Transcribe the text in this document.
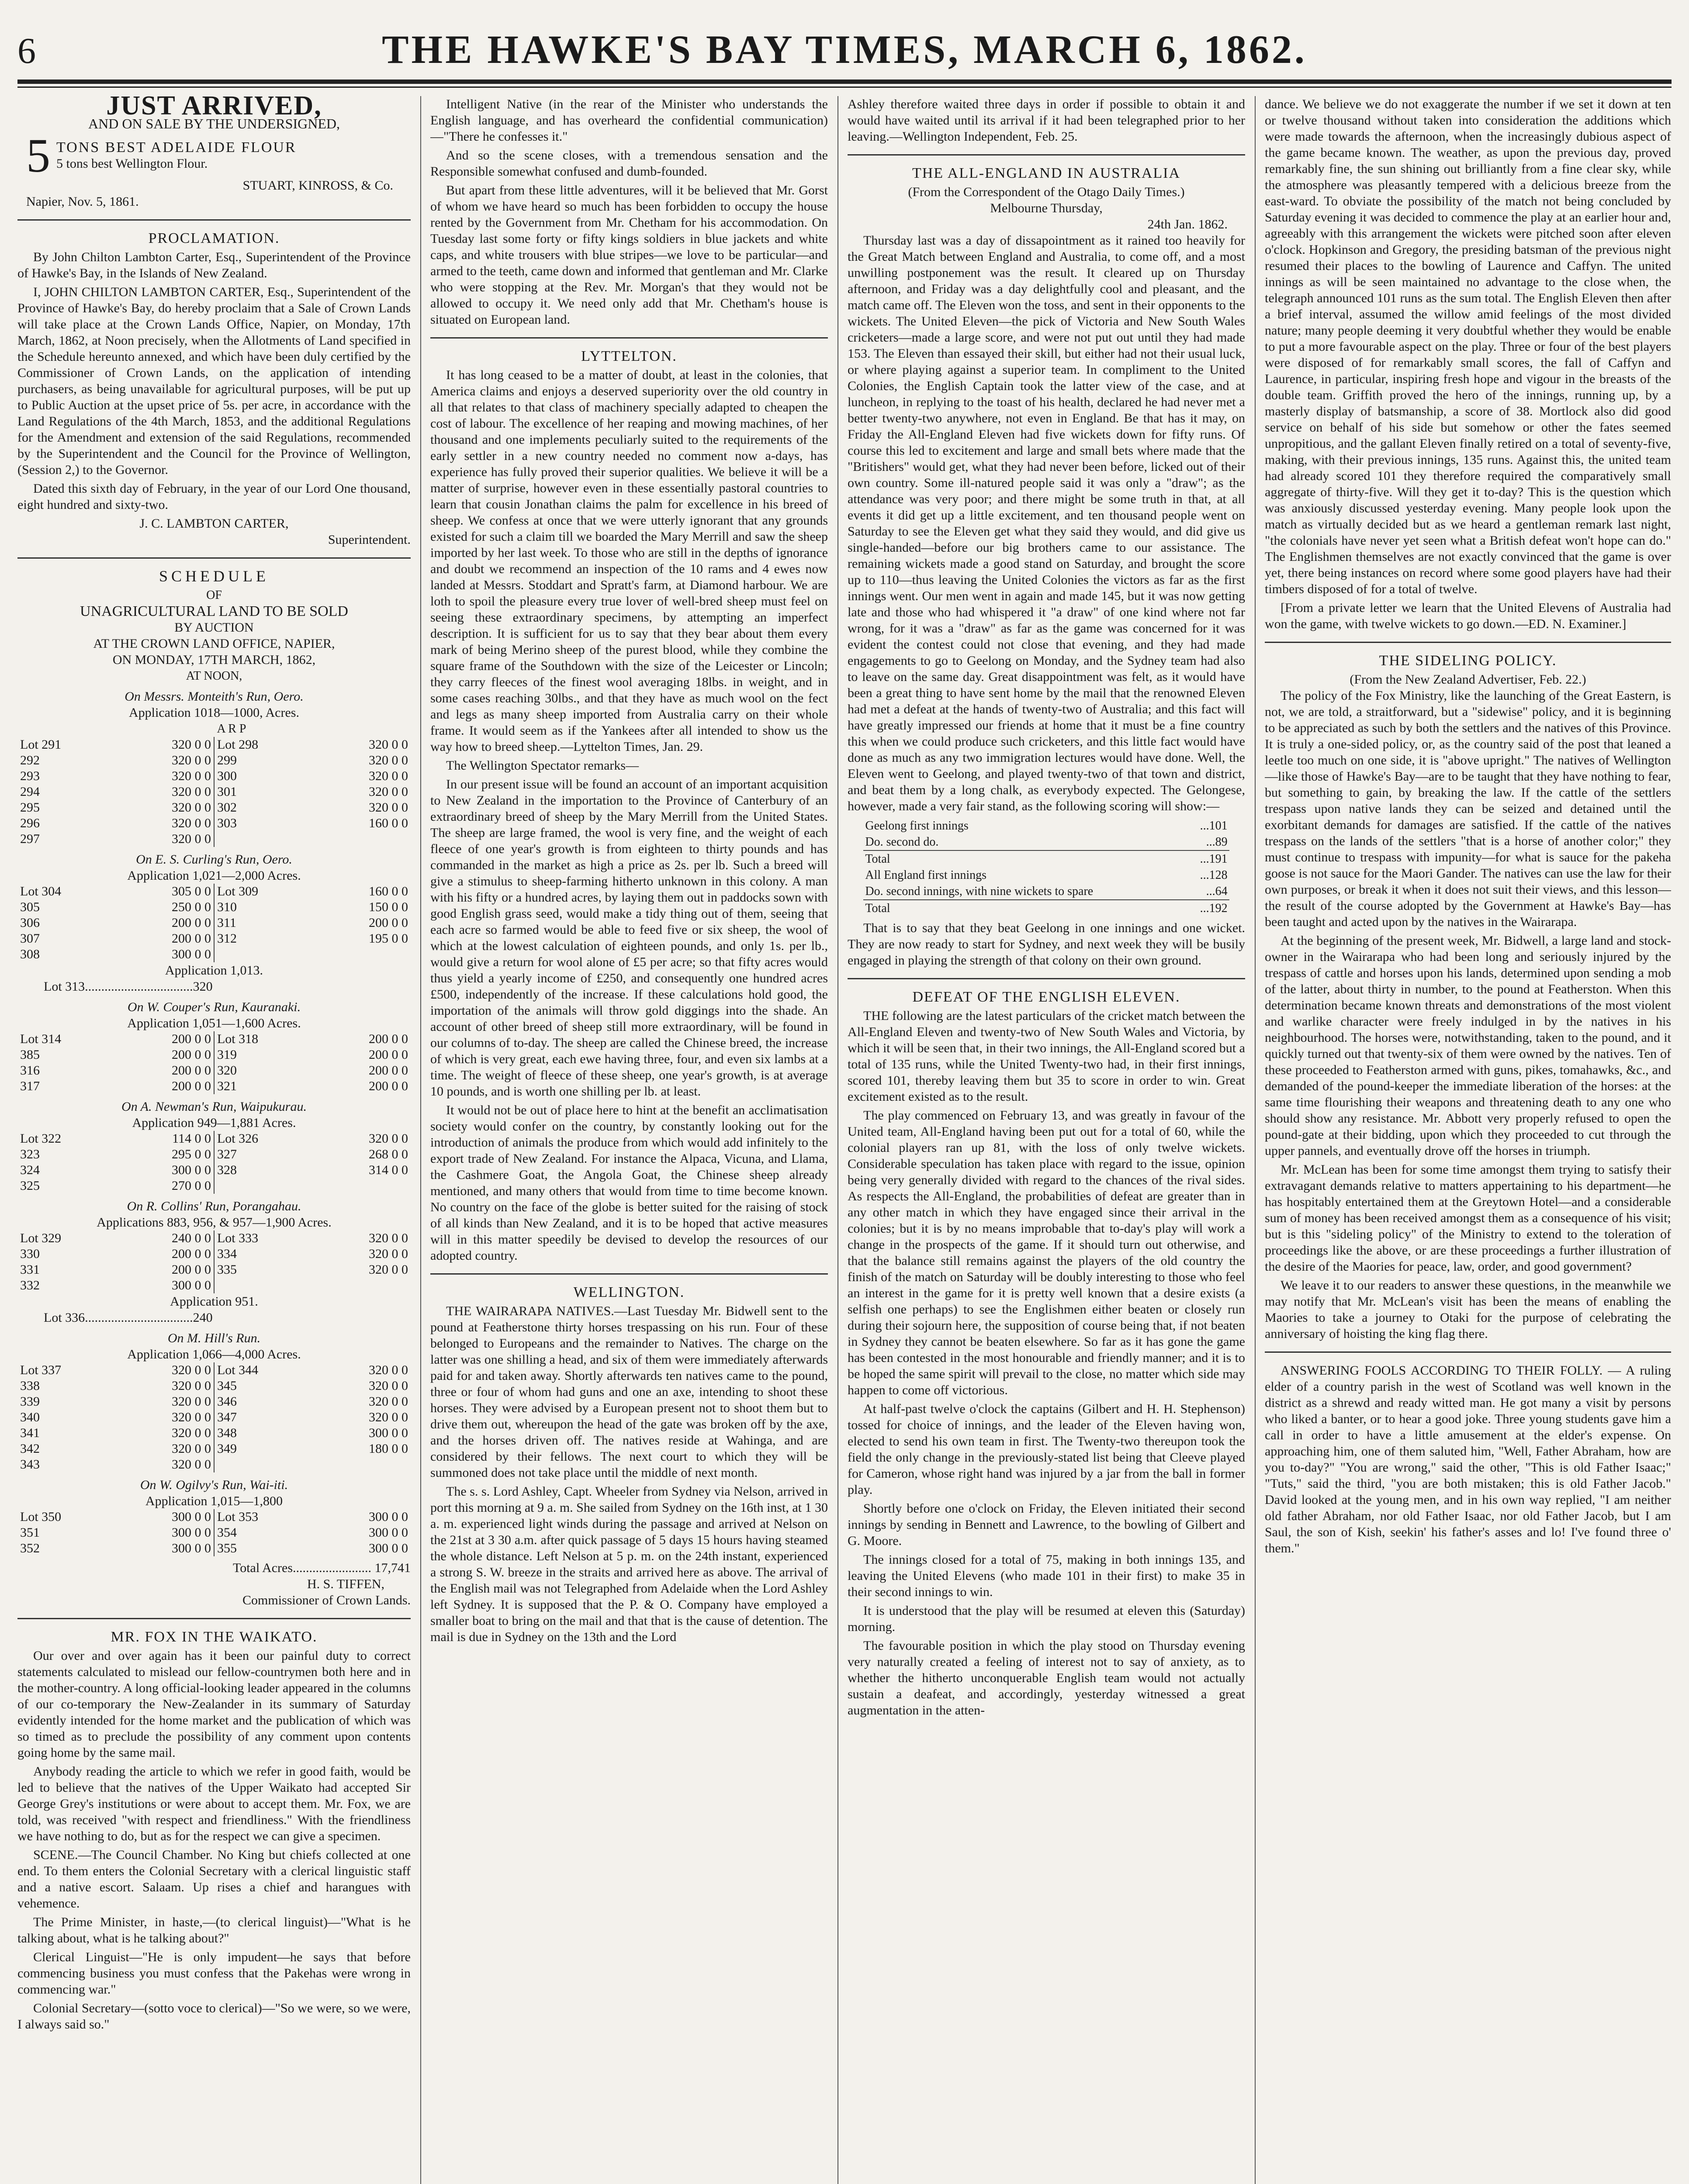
6	THE HAWKE'S BAY TIMES, MARCH 6, 1862.
JUST ARRIVED,
AND ON SALE BY THE UNDERSIGNED,
5 TONS BEST ADELAIDE FLOUR
5 tons best Wellington Flour.
STUART, KINROSS, & Co.
Napier, Nov. 5, 1861.
PROCLAMATION.

By John Chilton Lambton Carter, Esq., Superintendent of the Province of Hawke's Bay, in the Islands of New Zealand.

I, JOHN CHILTON LAMBTON CARTER, Esq., Superintendent of the Province of Hawke's Bay, do hereby proclaim that a Sale of Crown Lands will take place at the Crown Lands Office, Napier, on Monday, 17th March, 1862, at Noon precisely, when the Allotments of Land specified in the Schedule hereunto annexed, and which have been duly certified by the Commissioner of Crown Lands, on the application of intending purchasers, as being unavailable for agricultural purposes, will be put up to Public Auction at the upset price of 5s. per acre, in accordance with the Land Regulations of the 4th March, 1853, and the additional Regulations for the Amendment and extension of the said Regulations, recommended by the Superintendent and the Council for the Province of Wellington, (Session 2,) to the Governor.

Dated this sixth day of February, in the year of our Lord One thousand, eight hundred and sixty-two.

J. C. LAMBTON CARTER,
Superintendent.
SCHEDULE
OF
UNAGRICULTURAL LAND TO BE SOLD
BY AUCTION
AT THE CROWN LAND OFFICE, NAPIER,
ON MONDAY, 17TH MARCH, 1862,
AT NOON,
On Messrs. Monteith's Run, Oero.
Application 1018—1000, Acres.
A R P
Lot 291	320 0 0	Lot 298	320 0 0
292	320 0 0	299	320 0 0
293	320 0 0	300	320 0 0
294	320 0 0	301	320 0 0
295	320 0 0	302	320 0 0
296	320 0 0	303	160 0 0
297	320 0 0		
On E. S. Curling's Run, Oero.
Application 1,021—2,000 Acres.
Lot 304	305 0 0	Lot 309	160 0 0
305	250 0 0	310	150 0 0
306	200 0 0	311	200 0 0
307	200 0 0	312	195 0 0
308	300 0 0		
Application 1,013.
Lot 313.................................320
On W. Couper's Run, Kauranaki.
Application 1,051—1,600 Acres.
Lot 314	200 0 0	Lot 318	200 0 0
385	200 0 0	319	200 0 0
316	200 0 0	320	200 0 0
317	200 0 0	321	200 0 0
On A. Newman's Run, Waipukurau.
Application 949—1,881 Acres.
Lot 322	114 0 0	Lot 326	320 0 0
323	295 0 0	327	268 0 0
324	300 0 0	328	314 0 0
325	270 0 0		
On R. Collins' Run, Porangahau.
Applications 883, 956, & 957—1,900 Acres.
Lot 329	240 0 0	Lot 333	320 0 0
330	200 0 0	334	320 0 0
331	200 0 0	335	320 0 0
332	300 0 0		
Application 951.
Lot 336.................................240
On M. Hill's Run.
Application 1,066—4,000 Acres.
Lot 337	320 0 0	Lot 344	320 0 0
338	320 0 0	345	320 0 0
339	320 0 0	346	320 0 0
340	320 0 0	347	320 0 0
341	320 0 0	348	300 0 0
342	320 0 0	349	180 0 0
343	320 0 0		
On W. Ogilvy's Run, Wai-iti.
Application 1,015—1,800
Lot 350	300 0 0	Lot 353	300 0 0
351	300 0 0	354	300 0 0
352	300 0 0	355	300 0 0
Total Acres........................ 17,741
H. S. TIFFEN,
Commissioner of Crown Lands.
MR. FOX IN THE WAIKATO.

Our over and over again has it been our painful duty to correct statements calculated to mislead our fellow-countrymen both here and in the mother-country. A long official-looking leader appeared in the columns of our co-temporary the New-Zealander in its summary of Saturday evidently intended for the home market and the publication of which was so timed as to preclude the possibility of any comment upon contents going home by the same mail.

Anybody reading the article to which we refer in good faith, would be led to believe that the natives of the Upper Waikato had accepted Sir George Grey's institutions or were about to accept them. Mr. Fox, we are told, was received "with respect and friendliness." With the friendliness we have nothing to do, but as for the respect we can give a specimen.

SCENE.—The Council Chamber. No King but chiefs collected at one end. To them enters the Colonial Secretary with a clerical linguistic staff and a native escort. Salaam. Up rises a chief and harangues with vehemence.

The Prime Minister, in haste,—(to clerical linguist)—"What is he talking about, what is he talking about?"

Clerical Linguist—"He is only impudent—he says that before commencing business you must confess that the Pakehas were wrong in commencing war."

Colonial Secretary—(sotto voce to clerical)—"So we were, so we were, I always said so."

Intelligent Native (in the rear of the Minister who understands the English language, and has overheard the confidential communication)—"There he confesses it."

And so the scene closes, with a tremendous sensation and the Responsible somewhat confused and dumb-founded.

But apart from these little adventures, will it be believed that Mr. Gorst of whom we have heard so much has been forbidden to occupy the house rented by the Government from Mr. Chetham for his accommodation. On Tuesday last some forty or fifty kings soldiers in blue jackets and white caps, and white trousers with blue stripes—we love to be particular—and armed to the teeth, came down and informed that gentleman and Mr. Clarke who were stopping at the Rev. Mr. Morgan's that they would not be allowed to occupy it. We need only add that Mr. Chetham's house is situated on European land.

LYTTELTON.

It has long ceased to be a matter of doubt, at least in the colonies, that America claims and enjoys a deserved superiority over the old country in all that relates to that class of machinery specially adapted to cheapen the cost of labour. The excellence of her reaping and mowing machines, of her thousand and one implements peculiarly suited to the requirements of the early settler in a new country needed no comment now a-days, has experience has fully proved their superior qualities. We believe it will be a matter of surprise, however even in these essentially pastoral countries to learn that cousin Jonathan claims the palm for excellence in his breed of sheep. We confess at once that we were utterly ignorant that any grounds existed for such a claim till we boarded the Mary Merrill and saw the sheep imported by her last week. To those who are still in the depths of ignorance and doubt we recommend an inspection of the 10 rams and 4 ewes now landed at Messrs. Stoddart and Spratt's farm, at Diamond harbour. We are loth to spoil the pleasure every true lover of well-bred sheep must feel on seeing these extraordinary specimens, by attempting an imperfect description. It is sufficient for us to say that they bear about them every mark of being Merino sheep of the purest blood, while they combine the square frame of the Southdown with the size of the Leicester or Lincoln; they carry fleeces of the finest wool averaging 18lbs. in weight, and in some cases reaching 30lbs., and that they have as much wool on the fect and legs as many sheep imported from Australia carry on their whole frame. It would seem as if the Yankees after all intended to show us the way how to breed sheep.—Lyttelton Times, Jan. 29.

The Wellington Spectator remarks—

In our present issue will be found an account of an important acquisition to New Zealand in the importation to the Province of Canterbury of an extraordinary breed of sheep by the Mary Merrill from the United States. The sheep are large framed, the wool is very fine, and the weight of each fleece of one year's growth is from eighteen to thirty pounds and has commanded in the market as high a price as 2s. per lb. Such a breed will give a stimulus to sheep-farming hitherto unknown in this colony. A man with his fifty or a hundred acres, by laying them out in paddocks sown with good English grass seed, would make a tidy thing out of them, seeing that each acre so farmed would be able to feed five or six sheep, the wool of which at the lowest calculation of eighteen pounds, and only 1s. per lb., would give a return for wool alone of £5 per acre; so that fifty acres would thus yield a yearly income of £250, and consequently one hundred acres £500, independently of the increase. If these calculations hold good, the importation of the animals will throw gold diggings into the shade. An account of other breed of sheep still more extraordinary, will be found in our columns of to-day. The sheep are called the Chinese breed, the increase of which is very great, each ewe having three, four, and even six lambs at a time. The weight of fleece of these sheep, one year's growth, is at average 10 pounds, and is worth one shilling per lb. at least.

It would not be out of place here to hint at the benefit an acclimatisation society would confer on the country, by constantly looking out for the introduction of animals the produce from which would add infinitely to the export trade of New Zealand. For instance the Alpaca, Vicuna, and Llama, the Cashmere Goat, the Angola Goat, the Chinese sheep already mentioned, and many others that would from time to time become known. No country on the face of the globe is better suited for the raising of stock of all kinds than New Zealand, and it is to be hoped that active measures will in this matter speedily be devised to develop the resources of our adopted country.

WELLINGTON.

THE WAIRARAPA NATIVES.—Last Tuesday Mr. Bidwell sent to the pound at Featherstone thirty horses trespassing on his run. Four of these belonged to Europeans and the remainder to Natives. The charge on the latter was one shilling a head, and six of them were immediately afterwards paid for and taken away. Shortly afterwards ten natives came to the pound, three or four of whom had guns and one an axe, intending to shoot these horses. They were advised by a European present not to shoot them but to drive them out, whereupon the head of the gate was broken off by the axe, and the horses driven off. The natives reside at Wahinga, and are considered by their fellows. The next court to which they will be summoned does not take place until the middle of next month.

The s. s. Lord Ashley, Capt. Wheeler from Sydney via Nelson, arrived in port this morning at 9 a. m. She sailed from Sydney on the 16th inst, at 1 30 a. m. experienced light winds during the passage and arrived at Nelson on the 21st at 3 30 a.m. after quick passage of 5 days 15 hours having steamed the whole distance. Left Nelson at 5 p. m. on the 24th instant, experienced a strong S. W. breeze in the straits and arrived here as above. The arrival of the English mail was not Telegraphed from Adelaide when the Lord Ashley left Sydney. It is supposed that the P. & O. Company have employed a smaller boat to bring on the mail and that that is the cause of detention. The mail is due in Sydney on the 13th and the Lord

Ashley therefore waited three days in order if possible to obtain it and would have waited until its arrival if it had been telegraphed prior to her leaving.—Wellington Independent, Feb. 25.

THE ALL-ENGLAND IN AUSTRALIA
(From the Correspondent of the Otago Daily Times.)
Melbourne Thursday,
24th Jan. 1862.

Thursday last was a day of dissapointment as it rained too heavily for the Great Match between England and Australia, to come off, and a most unwilling postponement was the result. It cleared up on Thursday afternoon, and Friday was a day delightfully cool and pleasant, and the match came off. The Eleven won the toss, and sent in their opponents to the wickets. The United Eleven—the pick of Victoria and New South Wales cricketers—made a large score, and were not put out until they had made 153. The Eleven than essayed their skill, but either had not their usual luck, or where playing against a superior team. In compliment to the United Colonies, the English Captain took the latter view of the case, and at luncheon, in replying to the toast of his health, declared he had never met a better twenty-two anywhere, not even in England. Be that has it may, on Friday the All-England Eleven had five wickets down for fifty runs. Of course this led to excitement and large and small bets where made that the "Britishers" would get, what they had never been before, licked out of their own country. Some ill-natured people said it was only a "draw"; as the attendance was very poor; and there might be some truth in that, at all events it did get up a little excitement, and ten thousand people went on Saturday to see the Eleven get what they said they would, and did give us single-handed—before our big brothers came to our assistance. The remaining wickets made a good stand on Saturday, and brought the score up to 110—thus leaving the United Colonies the victors as far as the first innings went. Our men went in again and made 145, but it was now getting late and those who had whispered it "a draw" of one kind where not far wrong, for it was a "draw" as far as the game was concerned for it was evident the contest could not close that evening, and they had made engagements to go to Geelong on Monday, and the Sydney team had also to leave on the same day. Great disappointment was felt, as it would have been a great thing to have sent home by the mail that the renowned Eleven had met a defeat at the hands of twenty-two of Australia; and this fact will have greatly impressed our friends at home that it must be a fine country this when we could produce such cricketers, and this little fact would have done as much as any two immigration lectures would have done. Well, the Eleven went to Geelong, and played twenty-two of that town and district, and beat them by a long chalk, as everybody expected. The Gelongese, however, made a very fair stand, as the following scoring will show:—

Geelong first innings	...101
Do. second do.	...89
Total	...191
All England first innings	...128
Do. second innings, with nine wickets to spare	...64
Total	...192

That is to say that they beat Geelong in one innings and one wicket. They are now ready to start for Sydney, and next week they will be busily engaged in playing the strength of that colony on their own ground.

DEFEAT OF THE ENGLISH ELEVEN.

THE following are the latest particulars of the cricket match between the All-England Eleven and twenty-two of New South Wales and Victoria, by which it will be seen that, in their two innings, the All-England scored but a total of 135 runs, while the United Twenty-two had, in their first innings, scored 101, thereby leaving them but 35 to score in order to win. Great excitement existed as to the result.

The play commenced on February 13, and was greatly in favour of the United team, All-England having been put out for a total of 60, while the colonial players ran up 81, with the loss of only twelve wickets. Considerable speculation has taken place with regard to the issue, opinion being very generally divided with regard to the chances of the rival sides. As respects the All-England, the probabilities of defeat are greater than in any other match in which they have engaged since their arrival in the colonies; but it is by no means improbable that to-day's play will work a change in the prospects of the game. If it should turn out otherwise, and that the balance still remains against the players of the old country the finish of the match on Saturday will be doubly interesting to those who feel an interest in the game for it is pretty well known that a desire exists (a selfish one perhaps) to see the Englishmen either beaten or closely run during their sojourn here, the supposition of course being that, if not beaten in Sydney they cannot be beaten elsewhere. So far as it has gone the game has been contested in the most honourable and friendly manner; and it is to be hoped the same spirit will prevail to the close, no matter which side may happen to come off victorious.

At half-past twelve o'clock the captains (Gilbert and H. H. Stephenson) tossed for choice of innings, and the leader of the Eleven having won, elected to send his own team in first. The Twenty-two thereupon took the field the only change in the previously-stated list being that Cleeve played for Cameron, whose right hand was injured by a jar from the ball in former play.

Shortly before one o'clock on Friday, the Eleven initiated their second innings by sending in Bennett and Lawrence, to the bowling of Gilbert and G. Moore.

The innings closed for a total of 75, making in both innings 135, and leaving the United Elevens (who made 101 in their first) to make 35 in their second innings to win.

It is understood that the play will be resumed at eleven this (Saturday) morning.

The favourable position in which the play stood on Thursday evening very naturally created a feeling of interest not to say of anxiety, as to whether the hitherto unconquerable English team would not actually sustain a deafeat, and accordingly, yesterday witnessed a great augmentation in the atten-

dance. We believe we do not exaggerate the number if we set it down at ten or twelve thousand without taken into consideration the additions which were made towards the afternoon, when the increasingly dubious aspect of the game became known. The weather, as upon the previous day, proved remarkably fine, the sun shining out brilliantly from a fine clear sky, while the atmosphere was pleasantly tempered with a delicious breeze from the east-ward. To obviate the possibility of the match not being concluded by Saturday evening it was decided to commence the play at an earlier hour and, agreeably with this arrangement the wickets were pitched soon after eleven o'clock. Hopkinson and Gregory, the presiding batsman of the previous night resumed their places to the bowling of Laurence and Caffyn. The united innings as will be seen maintained no advantage to the close when, the telegraph announced 101 runs as the sum total. The English Eleven then after a brief interval, assumed the willow amid feelings of the most divided nature; many people deeming it very doubtful whether they would be enable to put a more favourable aspect on the play. Three or four of the best players were disposed of for remarkably small scores, the fall of Caffyn and Laurence, in particular, inspiring fresh hope and vigour in the breasts of the double team. Griffith proved the hero of the innings, running up, by a masterly display of batsmanship, a score of 38. Mortlock also did good service on behalf of his side but somehow or other the fates seemed unpropitious, and the gallant Eleven finally retired on a total of seventy-five, making, with their previous innings, 135 runs. Against this, the united team had already scored 101 they therefore required the comparatively small aggregate of thirty-five. Will they get it to-day? This is the question which was anxiously discussed yesterday evening. Many people look upon the match as virtually decided but as we heard a gentleman remark last night, "the colonials have never yet seen what a British defeat won't hope can do." The Englishmen themselves are not exactly convinced that the game is over yet, there being instances on record where some good players have had their timbers disposed of for a total of twelve.

[From a private letter we learn that the United Elevens of Australia had won the game, with twelve wickets to go down.—ED. N. Examiner.]

THE SIDELING POLICY.
(From the New Zealand Advertiser, Feb. 22.)

The policy of the Fox Ministry, like the launching of the Great Eastern, is not, we are told, a straitforward, but a "sidewise" policy, and it is beginning to be appreciated as such by both the settlers and the natives of this Province. It is truly a one-sided policy, or, as the country said of the post that leaned a leetle too much on one side, it is "above upright." The natives of Wellington—like those of Hawke's Bay—are to be taught that they have nothing to fear, but something to gain, by breaking the law. If the cattle of the settlers trespass upon native lands they can be seized and detained until the exorbitant demands for damages are satisfied. If the cattle of the natives trespass on the lands of the settlers "that is a horse of another color;" they must continue to trespass with impunity—for what is sauce for the pakeha goose is not sauce for the Maori Gander. The natives can use the law for their own purposes, or break it when it does not suit their views, and this lesson—the result of the course adopted by the Government at Hawke's Bay—has been taught and acted upon by the natives in the Wairarapa.

At the beginning of the present week, Mr. Bidwell, a large land and stock-owner in the Wairarapa who had been long and seriously injured by the trespass of cattle and horses upon his lands, determined upon sending a mob of the latter, about thirty in number, to the pound at Featherston. When this determination became known threats and demonstrations of the most violent and warlike character were freely indulged in by the natives in his neighbourhood. The horses were, notwithstanding, taken to the pound, and it quickly turned out that twenty-six of them were owned by the natives. Ten of these proceeded to Featherston armed with guns, pikes, tomahawks, &c., and demanded of the pound-keeper the immediate liberation of the horses: at the same time flourishing their weapons and threatening death to any one who should show any resistance. Mr. Abbott very properly refused to open the pound-gate at their bidding, upon which they proceeded to cut through the upper pannels, and eventually drove off the horses in triumph.

Mr. McLean has been for some time amongst them trying to satisfy their extravagant demands relative to matters appertaining to his department—he has hospitably entertained them at the Greytown Hotel—and a considerable sum of money has been received amongst them as a consequence of his visit; but is this "sideling policy" of the Ministry to extend to the toleration of proceedings like the above, or are these proceedings a further illustration of the desire of the Maories for peace, law, order, and good government?

We leave it to our readers to answer these questions, in the meanwhile we may notify that Mr. McLean's visit has been the means of enabling the Maories to take a journey to Otaki for the purpose of celebrating the anniversary of hoisting the king flag there.

ANSWERING FOOLS ACCORDING TO THEIR FOLLY. — A ruling elder of a country parish in the west of Scotland was well known in the district as a shrewd and ready witted man. He got many a visit by persons who liked a banter, or to hear a good joke. Three young students gave him a call in order to have a little amusement at the elder's expense. On approaching him, one of them saluted him, "Well, Father Abraham, how are you to-day?" "You are wrong," said the other, "This is old Father Isaac;" "Tuts," said the third, "you are both mistaken; this is old Father Jacob." David looked at the young men, and in his own way replied, "I am neither old father Abraham, nor old Father Isaac, nor old Father Jacob, but I am Saul, the son of Kish, seekin' his father's asses and lo! I've found three o' them."
